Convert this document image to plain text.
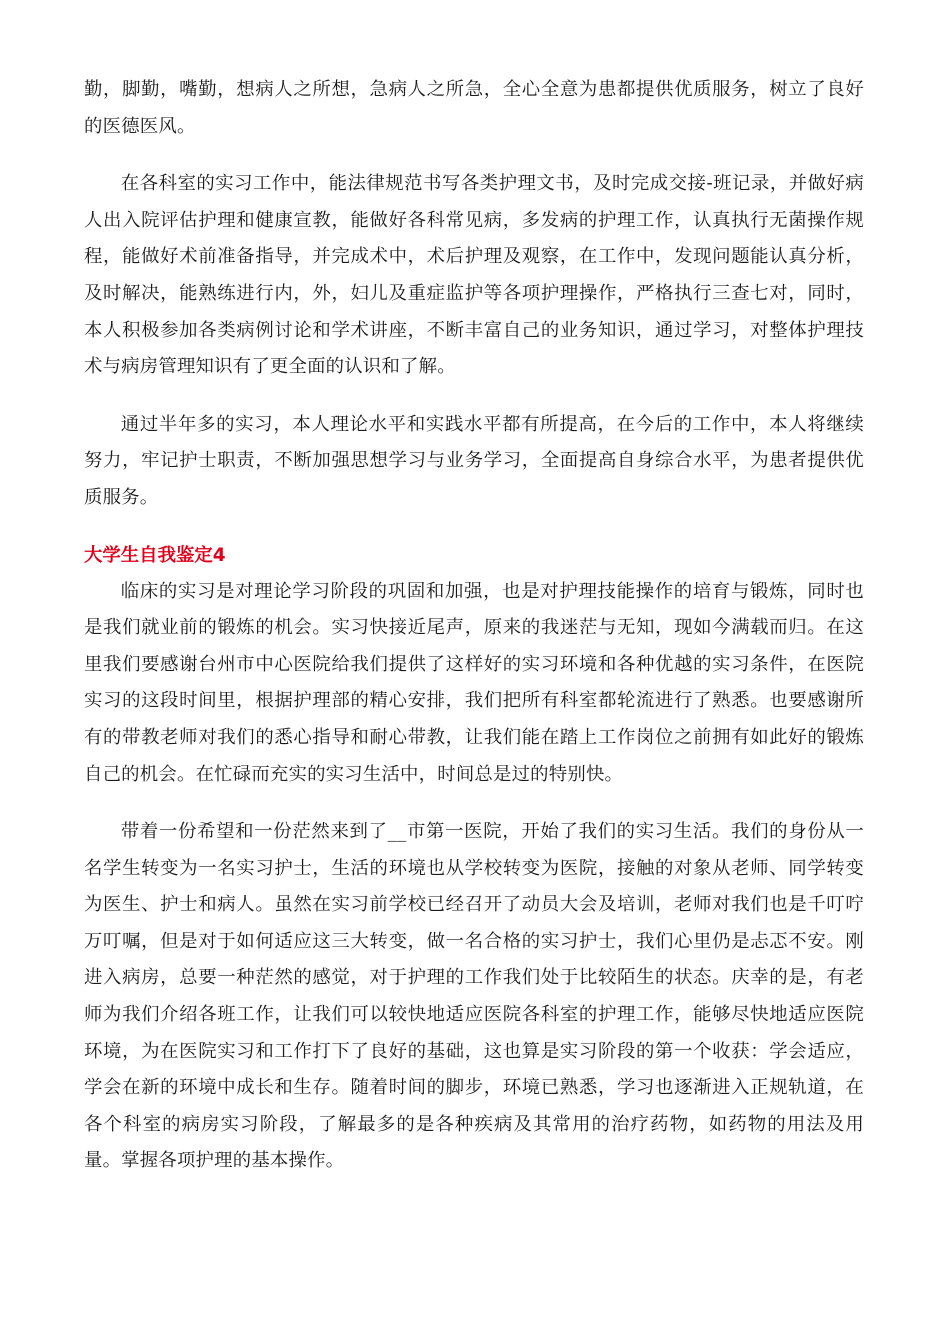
勤，脚勤，嘴勤，想病人之所想，急病人之所急，全心全意为患都提供优质服务，树立了良好的医德医风。

在各科室的实习工作中，能法律规范书写各类护理文书，及时完成交接-班记录，并做好病人出入院评估护理和健康宣教，能做好各科常见病，多发病的护理工作，认真执行无菌操作规程，能做好术前准备指导，并完成术中，术后护理及观察，在工作中，发现问题能认真分析，及时解决，能熟练进行内，外，妇儿及重症监护等各项护理操作，严格执行三查七对，同时，本人积极参加各类病例讨论和学术讲座，不断丰富自己的业务知识，通过学习，对整体护理技术与病房管理知识有了更全面的认识和了解。

通过半年多的实习，本人理论水平和实践水平都有所提高，在今后的工作中，本人将继续努力，牢记护士职责，不断加强思想学习与业务学习，全面提高自身综合水平，为患者提供优质服务。

大学生自我鉴定4

临床的实习是对理论学习阶段的巩固和加强，也是对护理技能操作的培育与锻炼，同时也是我们就业前的锻炼的机会。实习快接近尾声，原来的我迷茫与无知，现如今满载而归。在这里我们要感谢台州市中心医院给我们提供了这样好的实习环境和各种优越的实习条件，在医院实习的这段时间里，根据护理部的精心安排，我们把所有科室都轮流进行了熟悉。也要感谢所有的带教老师对我们的悉心指导和耐心带教，让我们能在踏上工作岗位之前拥有如此好的锻炼自己的机会。在忙碌而充实的实习生活中，时间总是过的特别快。

带着一份希望和一份茫然来到了__市第一医院，开始了我们的实习生活。我们的身份从一名学生转变为一名实习护士，生活的环境也从学校转变为医院，接触的对象从老师、同学转变为医生、护士和病人。虽然在实习前学校已经召开了动员大会及培训，老师对我们也是千叮咛万叮嘱，但是对于如何适应这三大转变，做一名合格的实习护士，我们心里仍是忐忑不安。刚进入病房，总要一种茫然的感觉，对于护理的工作我们处于比较陌生的状态。庆幸的是，有老师为我们介绍各班工作，让我们可以较快地适应医院各科室的护理工作，能够尽快地适应医院环境，为在医院实习和工作打下了良好的基础，这也算是实习阶段的第一个收获：学会适应，学会在新的环境中成长和生存。随着时间的脚步，环境已熟悉，学习也逐渐进入正规轨道，在各个科室的病房实习阶段，了解最多的是各种疾病及其常用的治疗药物，如药物的用法及用量。掌握各项护理的基本操作。
